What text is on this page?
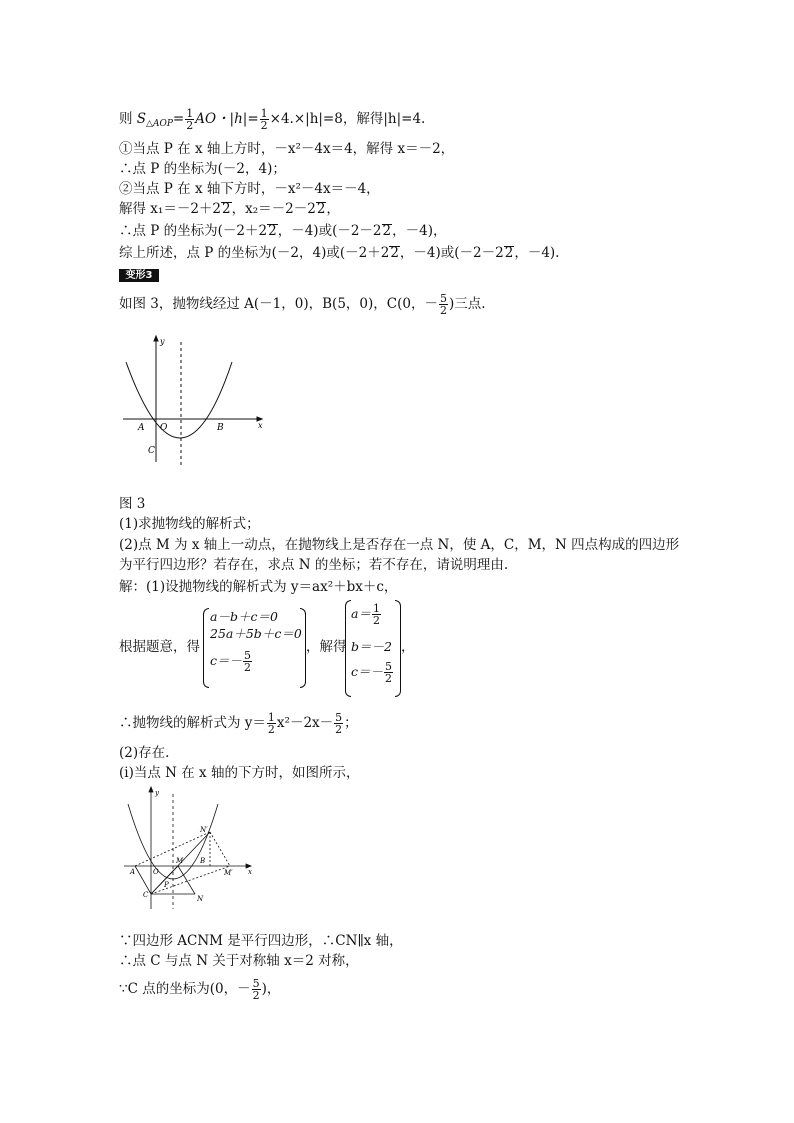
则 $S_{\triangle AOP}= \frac{1}{2}$ AO・$|h|= \frac{1}{2} \times 4.\times|h|=8$，解得|h|=4.
①当点 P 在 x 轴上方时，－x²－4x＝4，解得 x＝－2，
∴点 P 的坐标为(－2，4)；
②当点 P 在 x 轴下方时，－x²－4x＝－4，
解得 x₁＝－2＋22，x₂＝－2－22，
∴点 P 的坐标为(－2＋22，－4)或(－2－22，－4)，
综上所述，点 P 的坐标为(－2，4)或(－2＋22，－4)或(－2－22，－4).
变形3
如图 3，抛物线经过 A(－1，0)，B(5，0)，C(0，－ $\frac{5}{2}$ )三点.
y
x
A O	B
C
图 3
(1)求抛物线的解析式；
(2)点 M 为 x 轴上一动点，在抛物线上是否存在一点 N，使 A，C，M，N 四点构成的四边形
为平行四边形？若存在，求点 N 的坐标；若不存在，请说明理由.
解：(1)设抛物线的解析式为 y＝ax²＋bx＋c，
根据题意，得
a－b＋c＝0
25a＋5b＋c＝0
$c=- \frac{5}{2}$
，解得
$a= \frac{1}{2}$
b＝－2
$c=- \frac{5}{2}$
，
∴抛物线的解析式为 $y= \frac{1}{2} x^2-2x- \frac{5}{2}$ ；
(2)存在.
(i)当点 N 在 x 轴的下方时，如图所示，
y
x
A	O
M B
M′
N′
C	N
P
∵四边形 ACNM 是平行四边形，∴CN∥x 轴，
∴点 C 与点 N 关于对称轴 x＝2 对称，
∵C 点的坐标为(0，－ $\frac{5}{2}$ )，
